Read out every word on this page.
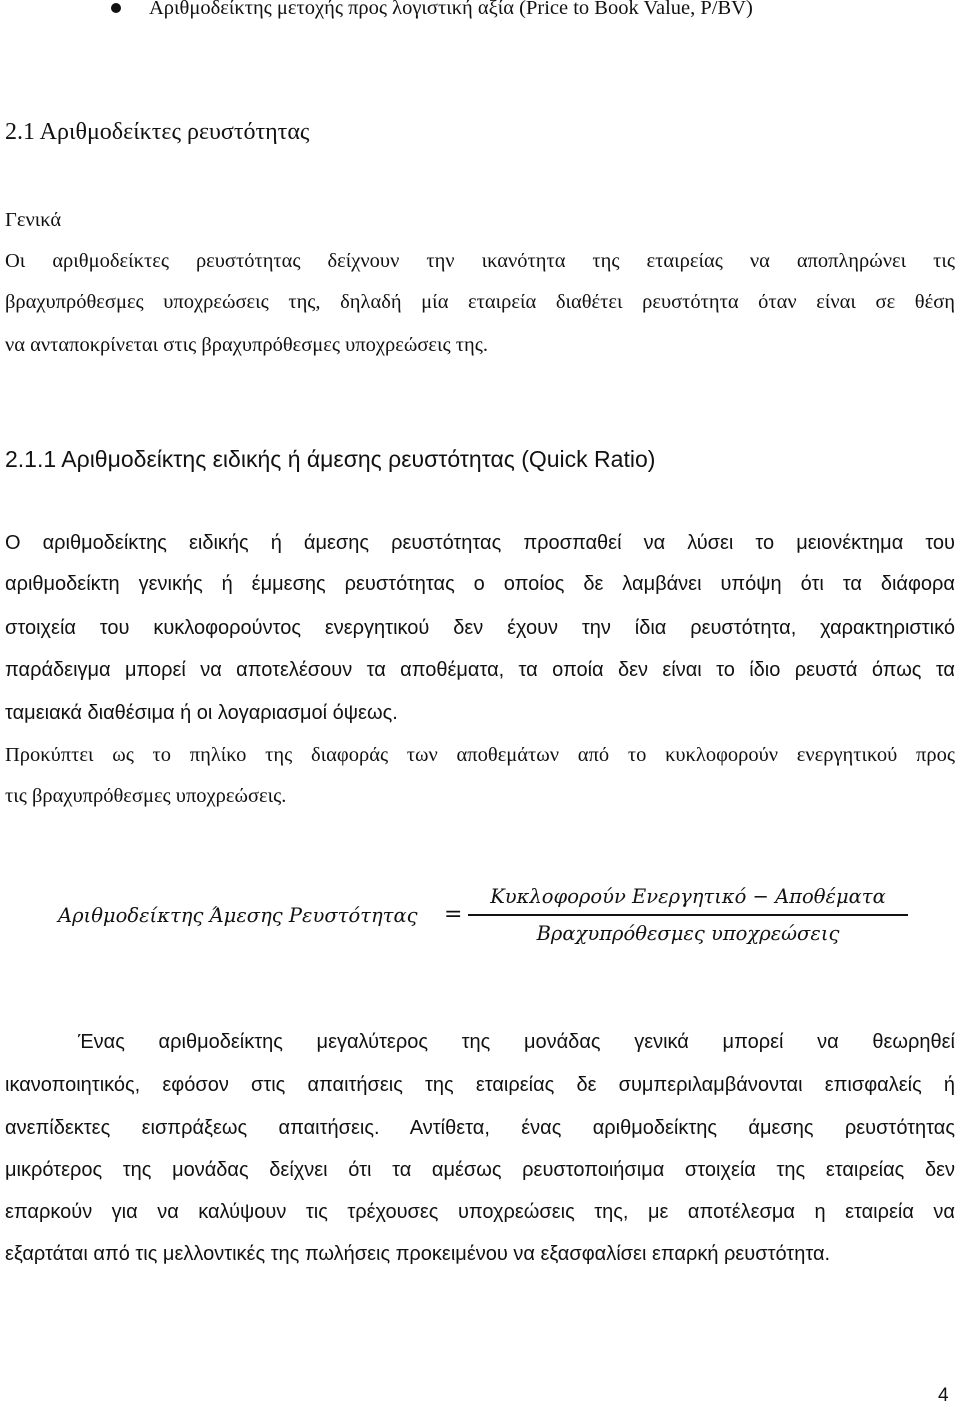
Αριθμοδείκτης μετοχής προς λογιστική αξία (Price to Book Value, P/BV)
2.1 Αριθμοδείκτες ρευστότητας
Γενικά
Οι αριθμοδείκτες ρευστότητας δείχνουν την ικανότητα της εταιρείας να αποπληρώνει τις
βραχυπρόθεσμες υποχρεώσεις της, δηλαδή μία εταιρεία διαθέτει ρευστότητα όταν είναι σε θέση
να ανταποκρίνεται στις βραχυπρόθεσμες υποχρεώσεις της.
2.1.1 Αριθμοδείκτης ειδικής ή άμεσης ρευστότητας (Quick Ratio)
Ο αριθμοδείκτης ειδικής ή άμεσης ρευστότητας προσπαθεί να λύσει το μειονέκτημα του
αριθμοδείκτη γενικής ή έμμεσης ρευστότητας ο οποίος δε λαμβάνει υπόψη ότι τα διάφορα
στοιχεία του κυκλοφορούντος ενεργητικού δεν έχουν την ίδια ρευστότητα, χαρακτηριστικό
παράδειγμα μπορεί να αποτελέσουν τα αποθέματα, τα οποία δεν είναι το ίδιο ρευστά όπως τα
ταμειακά διαθέσιμα ή οι λογαριασμοί όψεως.
Προκύπτει ως το πηλίκο της διαφοράς των αποθεμάτων από το κυκλοφορούν ενεργητικού προς
τις βραχυπρόθεσμες υποχρεώσεις.
Αριθμοδείκτης Άμεσης Ρευστότητας =
Κυκλοφορούν Ενεργητικό − Αποθέματα
Βραχυπρόθεσμες υποχρεώσεις
Ένας αριθμοδείκτης μεγαλύτερος της μονάδας γενικά μπορεί να θεωρηθεί
ικανοποιητικός, εφόσον στις απαιτήσεις της εταιρείας δε συμπεριλαμβάνονται επισφαλείς ή
ανεπίδεκτες εισπράξεως απαιτήσεις. Αντίθετα, ένας αριθμοδείκτης άμεσης ρευστότητας
μικρότερος της μονάδας δείχνει ότι τα αμέσως ρευστοποιήσιμα στοιχεία της εταιρείας δεν
επαρκούν για να καλύψουν τις τρέχουσες υποχρεώσεις της, με αποτέλεσμα η εταιρεία να
εξαρτάται από τις μελλοντικές της πωλήσεις προκειμένου να εξασφαλίσει επαρκή ρευστότητα.
4
